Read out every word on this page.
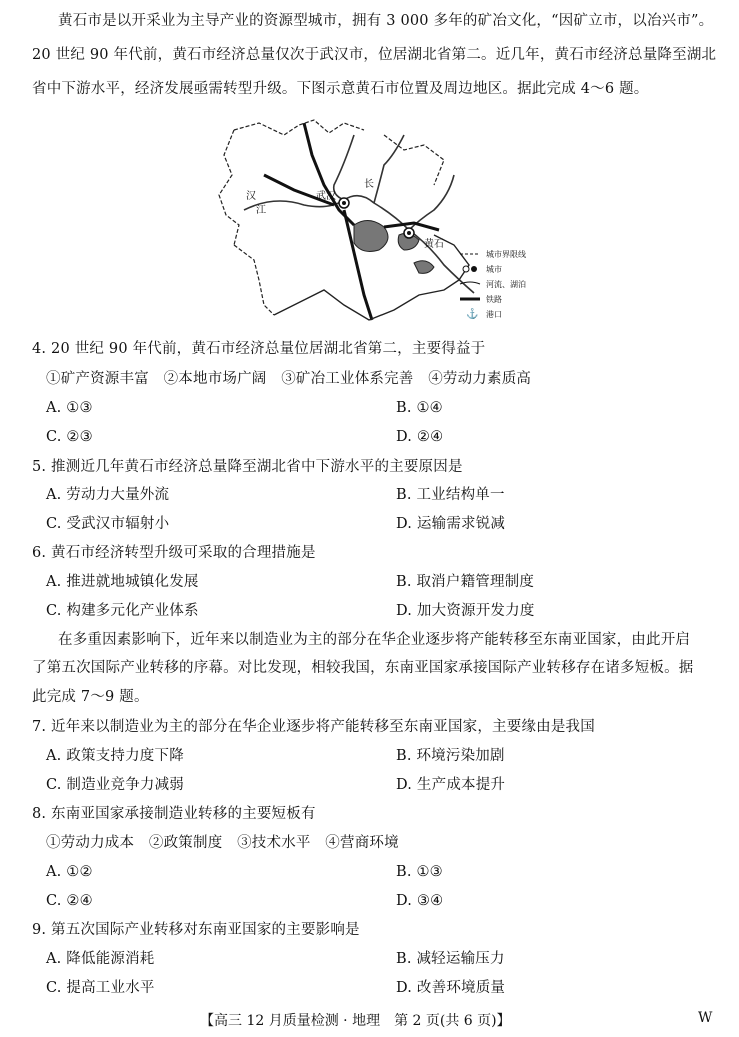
黄石市是以开采业为主导产业的资源型城市，拥有 3 000 多年的矿冶文化，“因矿立市，以冶兴市”。
20 世纪 90 年代前，黄石市经济总量仅次于武汉市，位居湖北省第二。近几年，黄石市经济总量降至湖北
省中下游水平，经济发展亟需转型升级。下图示意黄石市位置及周边地区。据此完成 4～6 题。
武汉
长
黄石
汉
江
城市界限线
城市
河流、湖泊
铁路
⚓ 港口
4. 20 世纪 90 年代前，黄石市经济总量位居湖北省第二，主要得益于
①矿产资源丰富　②本地市场广阔　③矿冶工业体系完善　④劳动力素质高
A. ①③	B. ①④
C. ②③	D. ②④
5. 推测近几年黄石市经济总量降至湖北省中下游水平的主要原因是
A. 劳动力大量外流	B. 工业结构单一
C. 受武汉市辐射小	D. 运输需求锐减
6. 黄石市经济转型升级可采取的合理措施是
A. 推进就地城镇化发展	B. 取消户籍管理制度
C. 构建多元化产业体系	D. 加大资源开发力度
在多重因素影响下，近年来以制造业为主的部分在华企业逐步将产能转移至东南亚国家，由此开启
了第五次国际产业转移的序幕。对比发现，相较我国，东南亚国家承接国际产业转移存在诸多短板。据
此完成 7～9 题。
7. 近年来以制造业为主的部分在华企业逐步将产能转移至东南亚国家，主要缘由是我国
A. 政策支持力度下降	B. 环境污染加剧
C. 制造业竞争力减弱	D. 生产成本提升
8. 东南亚国家承接制造业转移的主要短板有
①劳动力成本　②政策制度　③技术水平　④营商环境
A. ①②	B. ①③
C. ②④	D. ③④
9. 第五次国际产业转移对东南亚国家的主要影响是
A. 降低能源消耗	B. 减轻运输压力
C. 提高工业水平	D. 改善环境质量
【高三 12 月质量检测 · 地理　第 2 页(共 6 页)】	W
